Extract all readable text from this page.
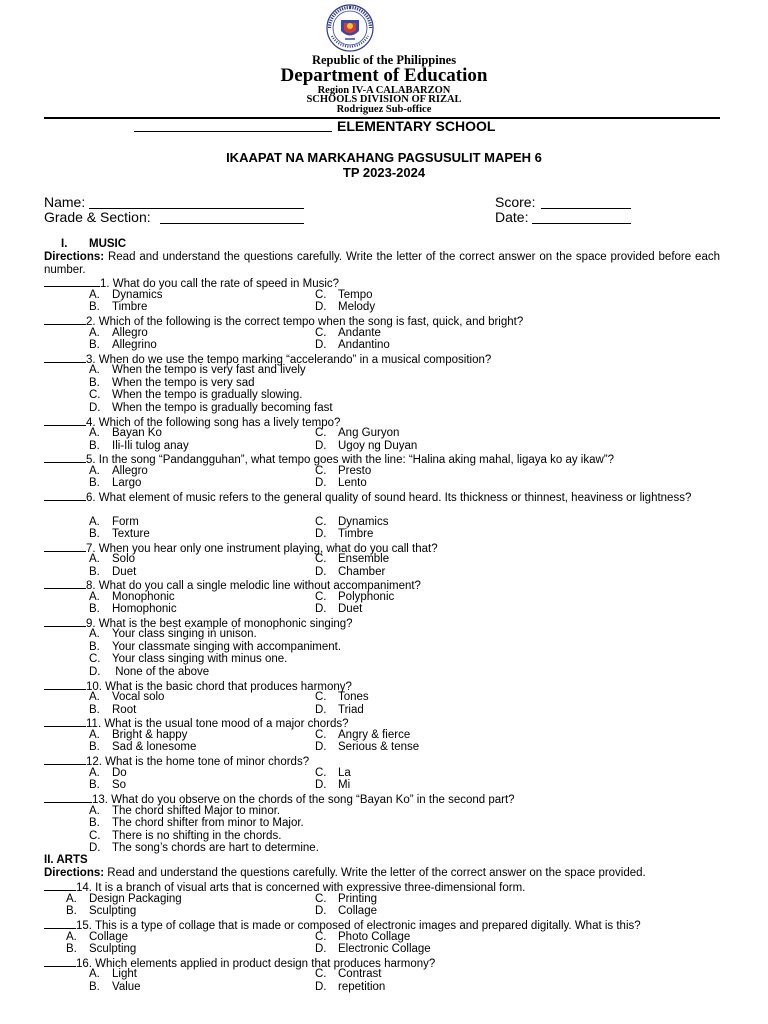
Republic of the Philippines
Department of Education
Region IV-A CALABARZON
SCHOOLS DIVISION OF RIZAL
Rodriguez Sub-office
ELEMENTARY SCHOOL
IKAAPAT NA MARKAHANG PAGSUSULIT MAPEH 6
TP 2023-2024
Name:	Score:
Grade & Section:	Date:
I. MUSIC
Directions: Read and understand the questions carefully. Write the letter of the correct answer on the space provided before each number.
1. What do you call the rate of speed in Music?
A. Dynamics	C. Tempo
B. Timbre	D. Melody
2. Which of the following is the correct tempo when the song is fast, quick, and bright?
A. Allegro	C. Andante
B. Allegrino	D. Andantino
3. When do we use the tempo marking “accelerando” in a musical composition?
A. When the tempo is very fast and lively
B. When the tempo is very sad
C. When the tempo is gradually slowing.
D. When the tempo is gradually becoming fast
4. Which of the following song has a lively tempo?
A. Bayan Ko	C. Ang Guryon
B. Ili-Ili tulog anay	D. Ugoy ng Duyan
5. In the song “Pandangguhan”, what tempo goes with the line: “Halina aking mahal, ligaya ko ay ikaw”?
A. Allegro	C. Presto
B. Largo	D. Lento
6. What element of music refers to the general quality of sound heard. Its thickness or thinnest, heaviness or lightness?
A. Form	C. Dynamics
B. Texture	D. Timbre
7. When you hear only one instrument playing, what do you call that?
A. Solo	C. Ensemble
B. Duet	D. Chamber
8. What do you call a single melodic line without accompaniment?
A. Monophonic	C. Polyphonic
B. Homophonic	D. Duet
9. What is the best example of monophonic singing?
A. Your class singing in unison.
B. Your classmate singing with accompaniment.
C. Your class singing with minus one.
D. None of the above
10. What is the basic chord that produces harmony?
A. Vocal solo	C. Tones
B. Root	D. Triad
11. What is the usual tone mood of a major chords?
A. Bright & happy	C. Angry & fierce
B. Sad & lonesome	D. Serious & tense
12. What is the home tone of minor chords?
A. Do	C. La
B. So	D. Mi
13. What do you observe on the chords of the song “Bayan Ko” in the second part?
A. The chord shifted Major to minor.
B. The chord shifter from minor to Major.
C. There is no shifting in the chords.
D. The song’s chords are hart to determine.
II. ARTS
Directions: Read and understand the questions carefully. Write the letter of the correct answer on the space provided.
14. It is a branch of visual arts that is concerned with expressive three-dimensional form.
A. Design Packaging	C. Printing
B. Sculpting	D. Collage
15. This is a type of collage that is made or composed of electronic images and prepared digitally. What is this?
A. Collage	C. Photo Collage
B. Sculpting	D. Electronic Collage
16. Which elements applied in product design that produces harmony?
A. Light	C. Contrast
B. Value	D. repetition
